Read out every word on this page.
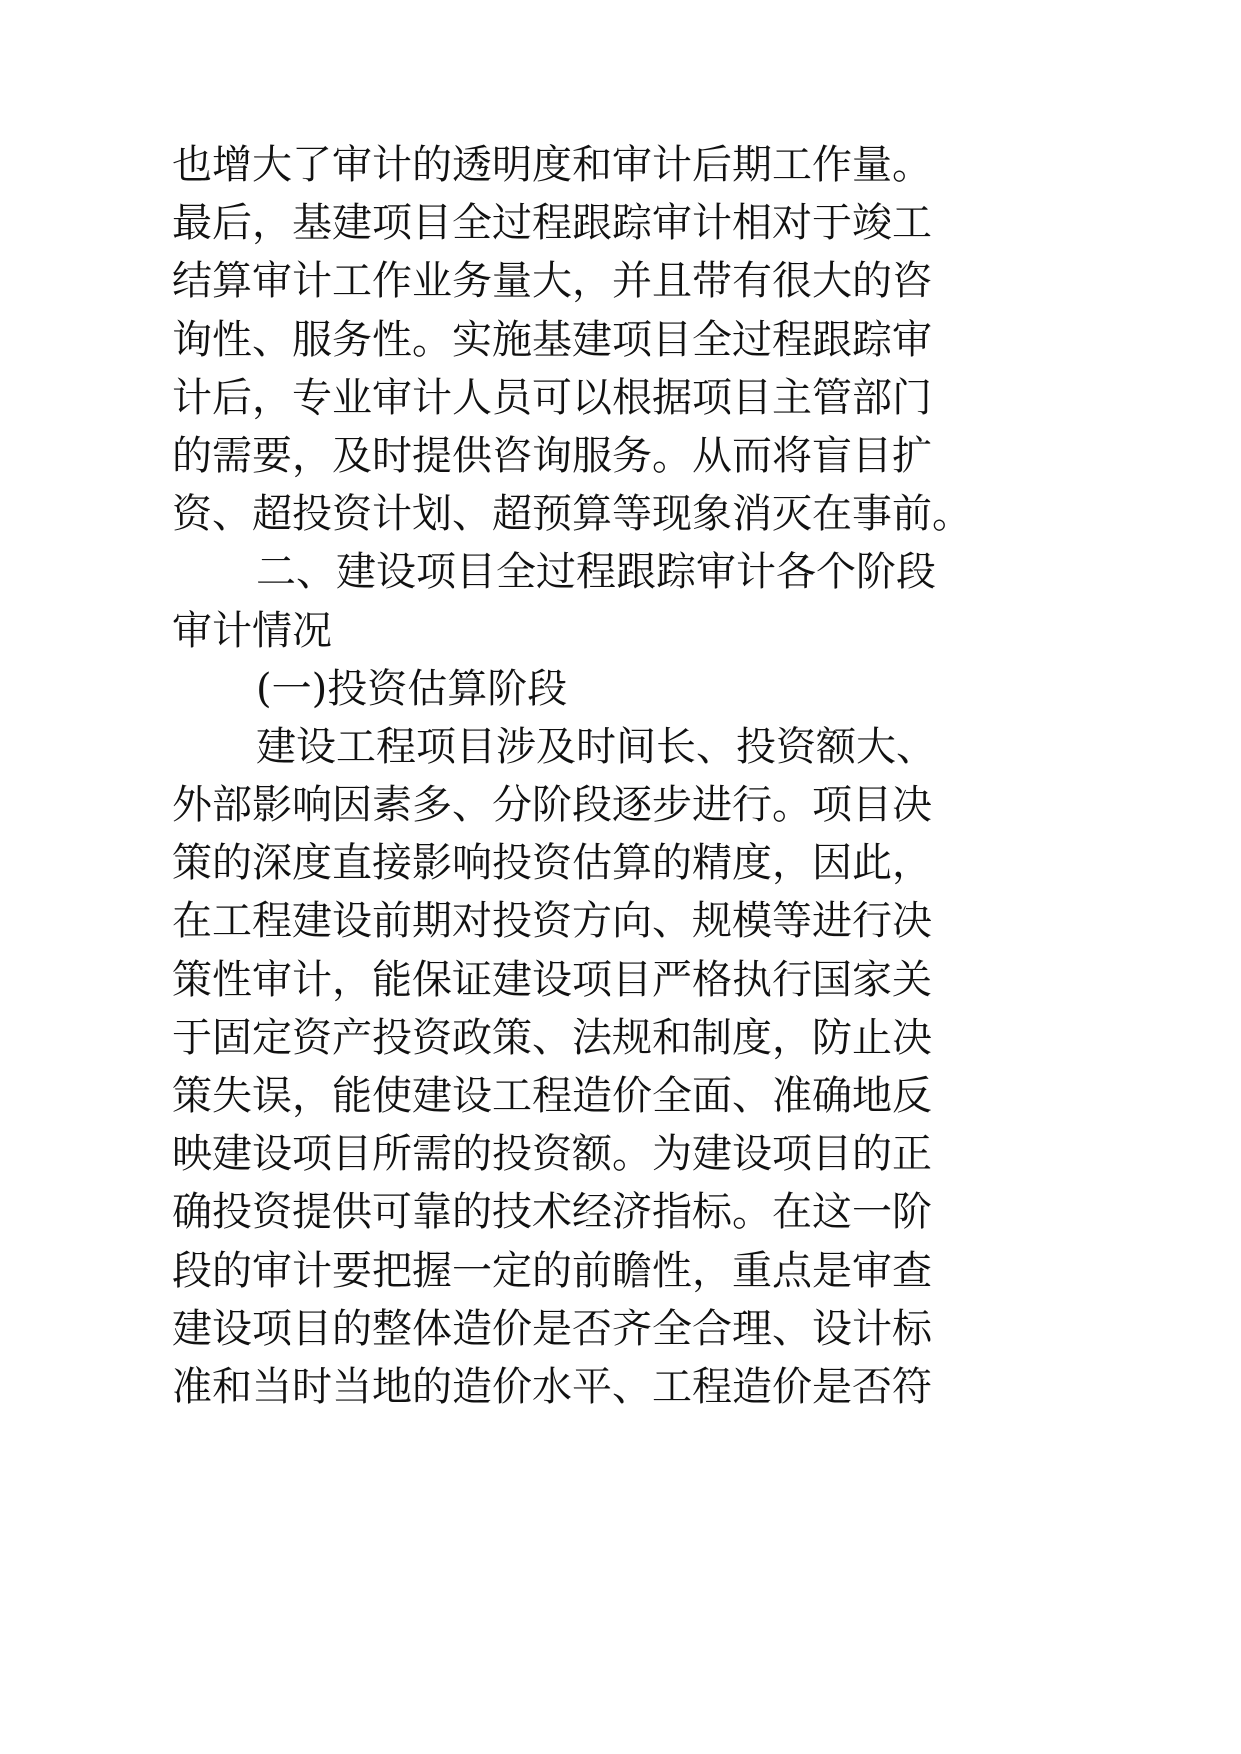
也增大了审计的透明度和审计后期工作量。
最后，基建项目全过程跟踪审计相对于竣工
结算审计工作业务量大，并且带有很大的咨
询性、服务性。实施基建项目全过程跟踪审
计后，专业审计人员可以根据项目主管部门
的需要，及时提供咨询服务。从而将盲目扩
资、超投资计划、超预算等现象消灭在事前。
二、建设项目全过程跟踪审计各个阶段
审计情况
(一)投资估算阶段
建设工程项目涉及时间长、投资额大、
外部影响因素多、分阶段逐步进行。项目决
策的深度直接影响投资估算的精度，因此，
在工程建设前期对投资方向、规模等进行决
策性审计，能保证建设项目严格执行国家关
于固定资产投资政策、法规和制度，防止决
策失误，能使建设工程造价全面、准确地反
映建设项目所需的投资额。为建设项目的正
确投资提供可靠的技术经济指标。在这一阶
段的审计要把握一定的前瞻性，重点是审查
建设项目的整体造价是否齐全合理、设计标
准和当时当地的造价水平、工程造价是否符
